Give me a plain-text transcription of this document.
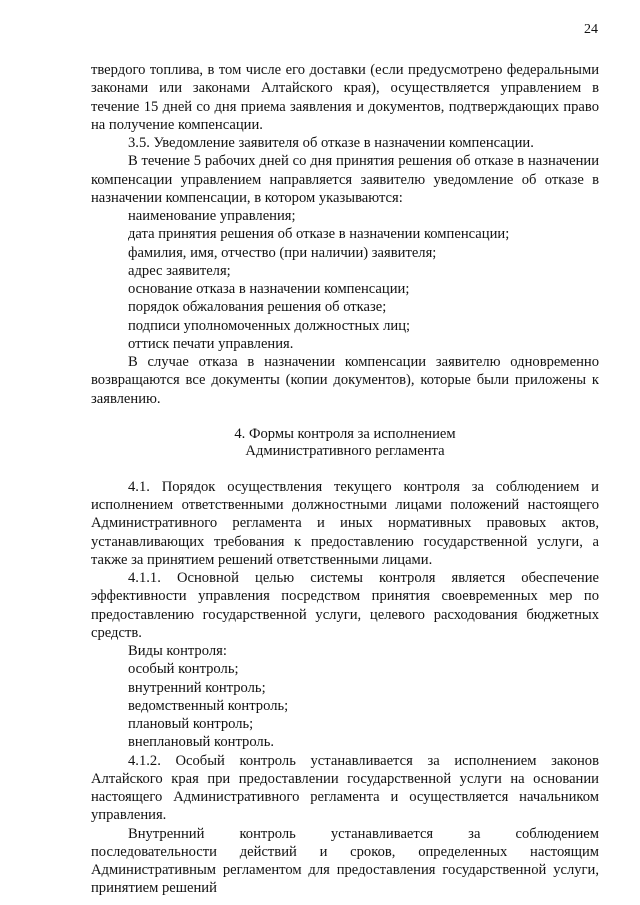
24

твердого топлива, в том числе его доставки (если предусмотрено федеральными законами или законами Алтайского края), осуществляется управлением в течение 15 дней со дня приема заявления и документов, подтверждающих право на получение компенсации.

3.5. Уведомление заявителя об отказе в назначении компенсации.

В течение 5 рабочих дней со дня принятия решения об отказе в назначении компенсации управлением направляется заявителю уведомление об отказе в назначении компенсации, в котором указываются:

наименование управления;

дата принятия решения об отказе в назначении компенсации;

фамилия, имя, отчество (при наличии) заявителя;

адрес заявителя;

основание отказа в назначении компенсации;

порядок обжалования решения об отказе;

подписи уполномоченных должностных лиц;

оттиск печати управления.

В случае отказа в назначении компенсации заявителю одновременно возвращаются все документы (копии документов), которые были приложены к заявлению.

4. Формы контроля за исполнением
Административного регламента

4.1. Порядок осуществления текущего контроля за соблюдением и исполнением ответственными должностными лицами положений настоящего Административного регламента и иных нормативных правовых актов, устанавливающих требования к предоставлению государственной услуги, а также за принятием решений ответственными лицами.

4.1.1. Основной целью системы контроля является обеспечение эффективности управления посредством принятия своевременных мер по предоставлению государственной услуги, целевого расходования бюджетных средств.

Виды контроля:

особый контроль;

внутренний контроль;

ведомственный контроль;

плановый контроль;

внеплановый контроль.

4.1.2. Особый контроль устанавливается за исполнением законов Алтайского края при предоставлении государственной услуги на основании настоящего Административного регламента и осуществляется начальником управления.

Внутренний контроль устанавливается за соблюдением последовательности действий и сроков, определенных настоящим Административным регламентом для предоставления государственной услуги, принятием решений
